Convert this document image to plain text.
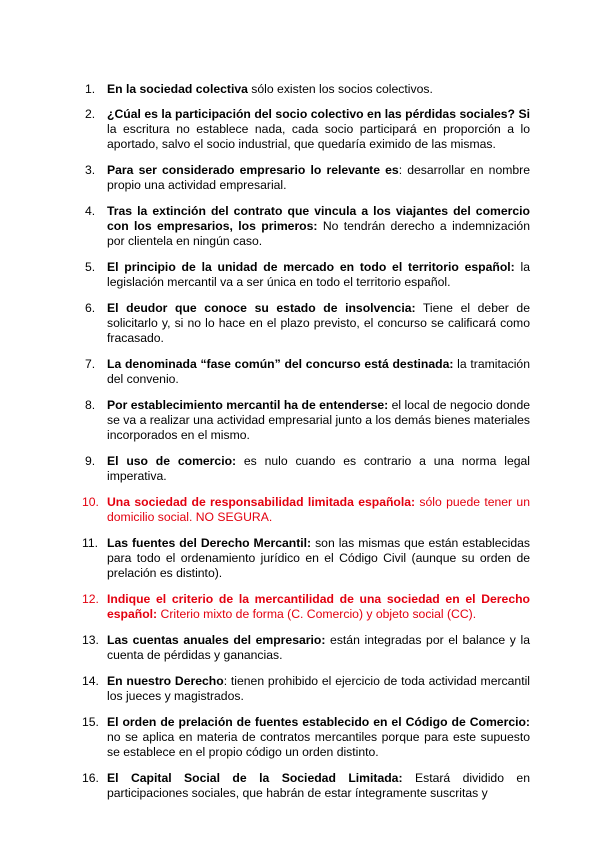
1. En la sociedad colectiva sólo existen los socios colectivos.
2. ¿Cúal es la participación del socio colectivo en las pérdidas sociales? Si la escritura no establece nada, cada socio participará en proporción a lo aportado, salvo el socio industrial, que quedaría eximido de las mismas.
3. Para ser considerado empresario lo relevante es: desarrollar en nombre propio una actividad empresarial.
4. Tras la extinción del contrato que vincula a los viajantes del comercio con los empresarios, los primeros: No tendrán derecho a indemnización por clientela en ningún caso.
5. El principio de la unidad de mercado en todo el territorio español: la legislación mercantil va a ser única en todo el territorio español.
6. El deudor que conoce su estado de insolvencia: Tiene el deber de solicitarlo y, si no lo hace en el plazo previsto, el concurso se calificará como fracasado.
7. La denominada “fase común” del concurso está destinada: la tramitación del convenio.
8. Por establecimiento mercantil ha de entenderse: el local de negocio donde se va a realizar una actividad empresarial junto a los demás bienes materiales incorporados en el mismo.
9. El uso de comercio: es nulo cuando es contrario a una norma legal imperativa.
10. Una sociedad de responsabilidad limitada española: sólo puede tener un domicilio social. NO SEGURA.
11. Las fuentes del Derecho Mercantil: son las mismas que están establecidas para todo el ordenamiento jurídico en el Código Civil (aunque su orden de prelación es distinto).
12. Indique el criterio de la mercantilidad de una sociedad en el Derecho español: Criterio mixto de forma (C. Comercio) y objeto social (CC).
13. Las cuentas anuales del empresario: están integradas por el balance y la cuenta de pérdidas y ganancias.
14. En nuestro Derecho: tienen prohibido el ejercicio de toda actividad mercantil los jueces y magistrados.
15. El orden de prelación de fuentes establecido en el Código de Comercio: no se aplica en materia de contratos mercantiles porque para este supuesto se establece en el propio código un orden distinto.
16. El Capital Social de la Sociedad Limitada: Estará dividido en participaciones sociales, que habrán de estar íntegramente suscritas y
